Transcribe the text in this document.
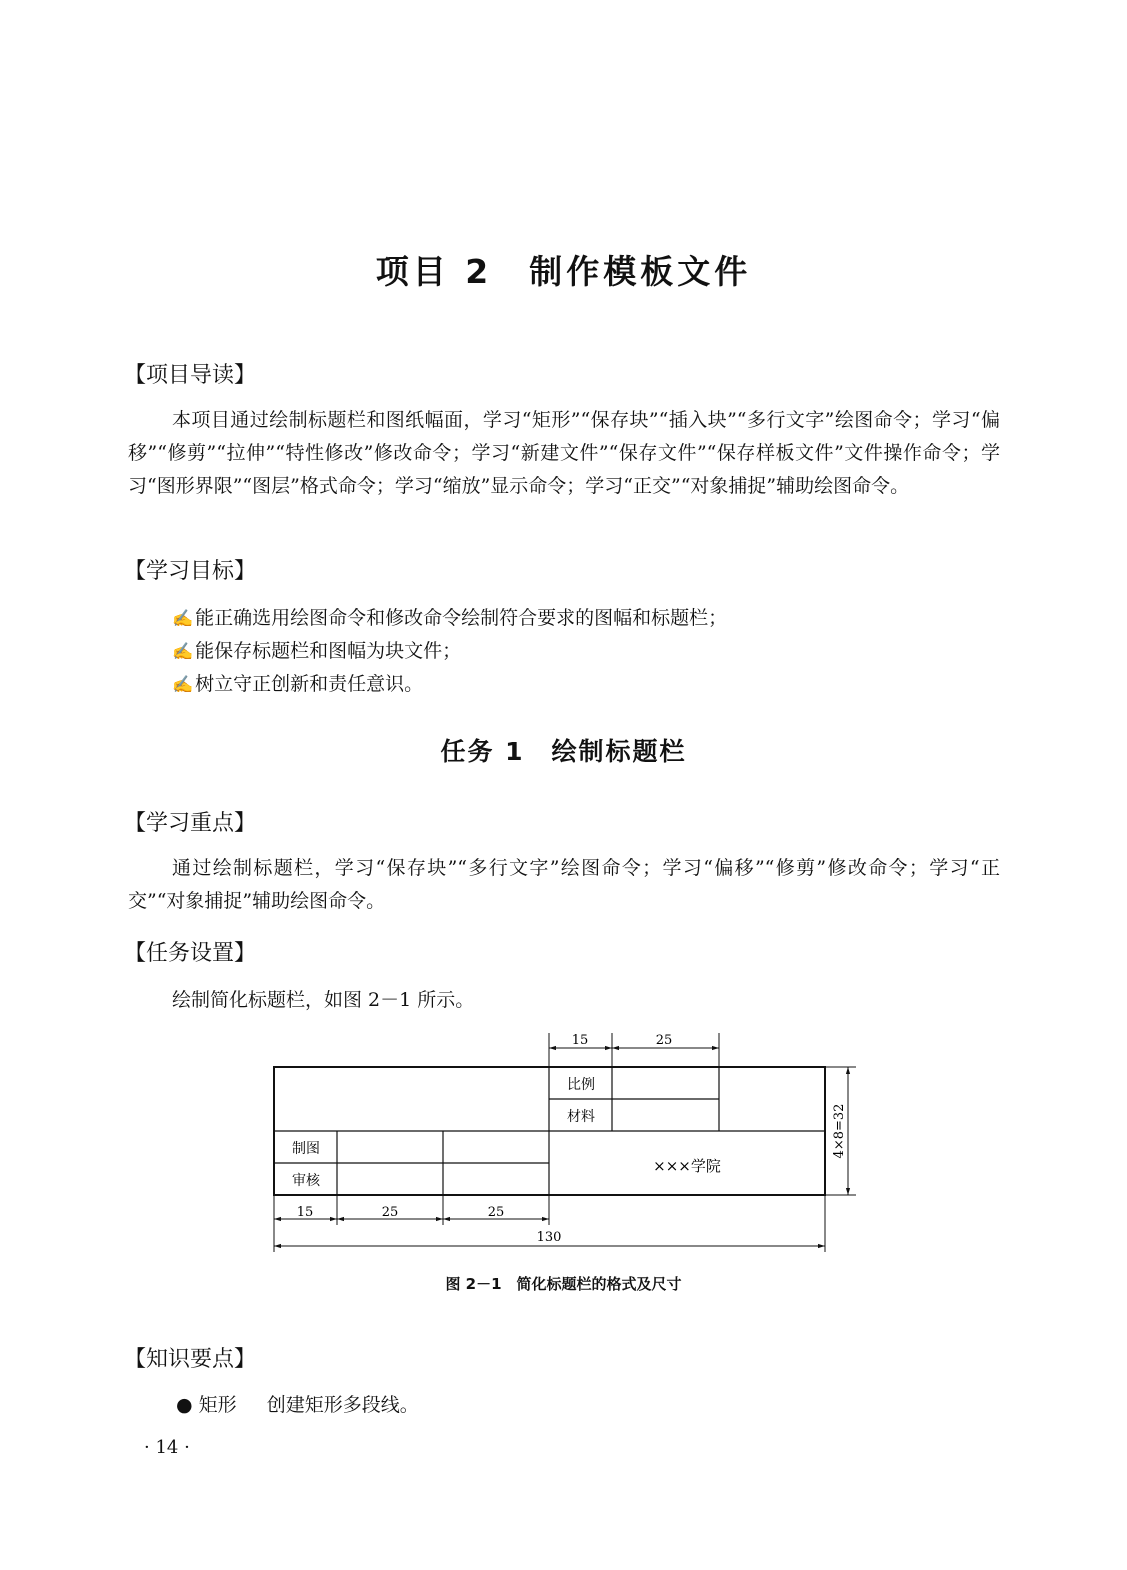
项目 2　制作模板文件
【项目导读】
本项目通过绘制标题栏和图纸幅面，学习“矩形”“保存块”“插入块”“多行文字”绘图命令；学习“偏移”“修剪”“拉伸”“特性修改”修改命令；学习“新建文件”“保存文件”“保存样板文件”文件操作命令；学习“图形界限”“图层”格式命令；学习“缩放”显示命令；学习“正交”“对象捕捉”辅助绘图命令。
【学习目标】
✍ 能正确选用绘图命令和修改命令绘制符合要求的图幅和标题栏；
✍ 能保存标题栏和图幅为块文件；
✍ 树立守正创新和责任意识。
任务 1　绘制标题栏
【学习重点】
通过绘制标题栏，学习“保存块”“多行文字”绘图命令；学习“偏移”“修剪”修改命令；学习“正交”“对象捕捉”辅助绘图命令。
【任务设置】
绘制简化标题栏，如图 2－1 所示。
比例
材料
制图
审核
×××学院
15	25
4×8=32
15	25	25
130
图 2－1　简化标题栏的格式及尺寸
【知识要点】
● 矩形 创建矩形多段线。
· 14 ·
